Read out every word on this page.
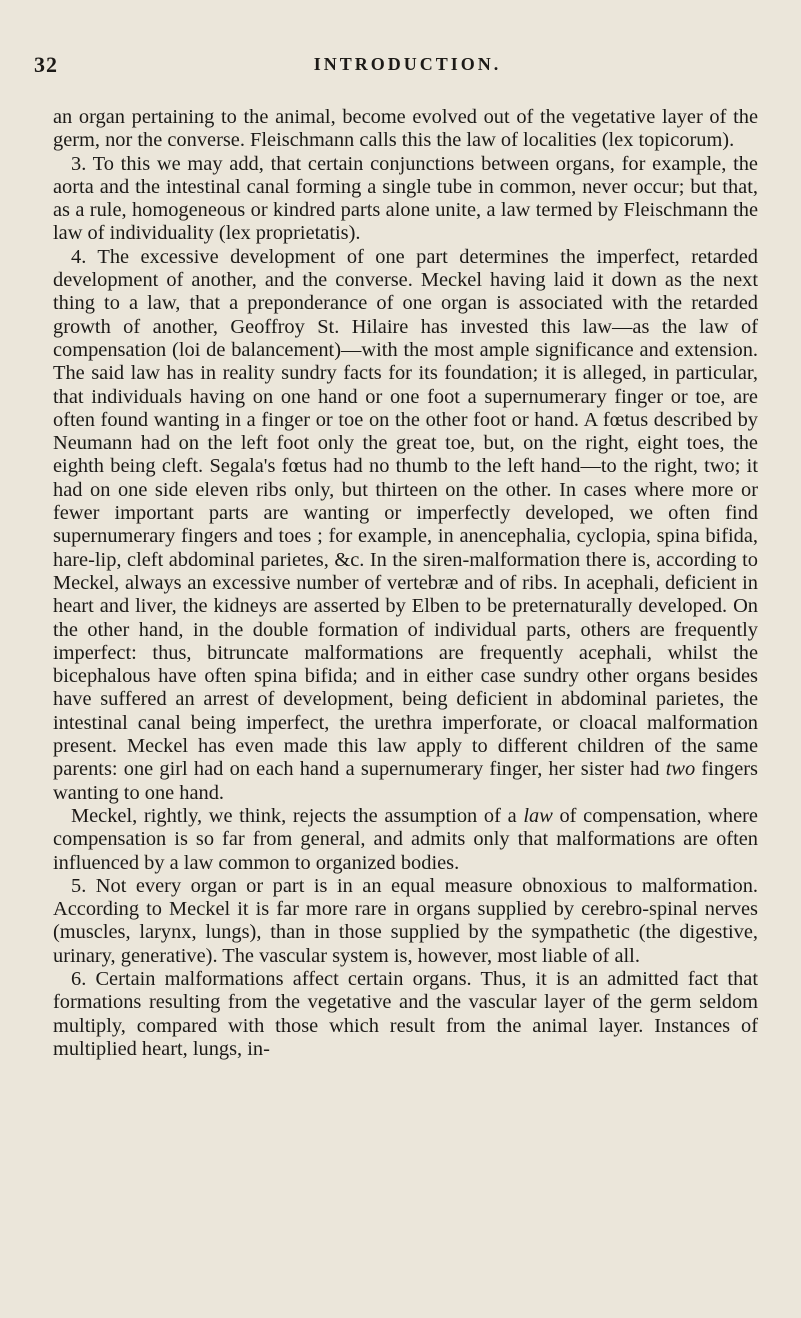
32	INTRODUCTION.

an organ pertaining to the animal, become evolved out of the vegetative layer of the germ, nor the converse. Fleischmann calls this the law of localities (lex topicorum).

3. To this we may add, that certain conjunctions between organs, for example, the aorta and the intestinal canal forming a single tube in common, never occur; but that, as a rule, homogeneous or kindred parts alone unite, a law termed by Fleischmann the law of individuality (lex proprietatis).

4. The excessive development of one part determines the imperfect, retarded development of another, and the converse. Meckel having laid it down as the next thing to a law, that a preponderance of one organ is associated with the retarded growth of another, Geoffroy St. Hilaire has invested this law—as the law of compensation (loi de balancement)—with the most ample significance and extension. The said law has in reality sundry facts for its foundation; it is alleged, in particular, that individuals having on one hand or one foot a supernumerary finger or toe, are often found wanting in a finger or toe on the other foot or hand. A fœtus described by Neumann had on the left foot only the great toe, but, on the right, eight toes, the eighth being cleft. Segala's fœtus had no thumb to the left hand—to the right, two; it had on one side eleven ribs only, but thirteen on the other. In cases where more or fewer important parts are wanting or imperfectly developed, we often find supernumerary fingers and toes ; for example, in anencephalia, cyclopia, spina bifida, hare-lip, cleft abdominal parietes, &c. In the siren-malformation there is, according to Meckel, always an excessive number of vertebræ and of ribs. In acephali, deficient in heart and liver, the kidneys are asserted by Elben to be preternaturally developed. On the other hand, in the double formation of individual parts, others are frequently imperfect: thus, bitruncate malformations are frequently acephali, whilst the bicephalous have often spina bifida; and in either case sundry other organs besides have suffered an arrest of development, being deficient in abdominal parietes, the intestinal canal being imperfect, the urethra imperforate, or cloacal malformation present. Meckel has even made this law apply to different children of the same parents: one girl had on each hand a supernumerary finger, her sister had two fingers wanting to one hand.

Meckel, rightly, we think, rejects the assumption of a law of compensation, where compensation is so far from general, and admits only that malformations are often influenced by a law common to organized bodies.

5. Not every organ or part is in an equal measure obnoxious to malformation. According to Meckel it is far more rare in organs supplied by cerebro-spinal nerves (muscles, larynx, lungs), than in those supplied by the sympathetic (the digestive, urinary, generative). The vascular system is, however, most liable of all.

6. Certain malformations affect certain organs. Thus, it is an admitted fact that formations resulting from the vegetative and the vascular layer of the germ seldom multiply, compared with those which result from the animal layer. Instances of multiplied heart, lungs, in-
